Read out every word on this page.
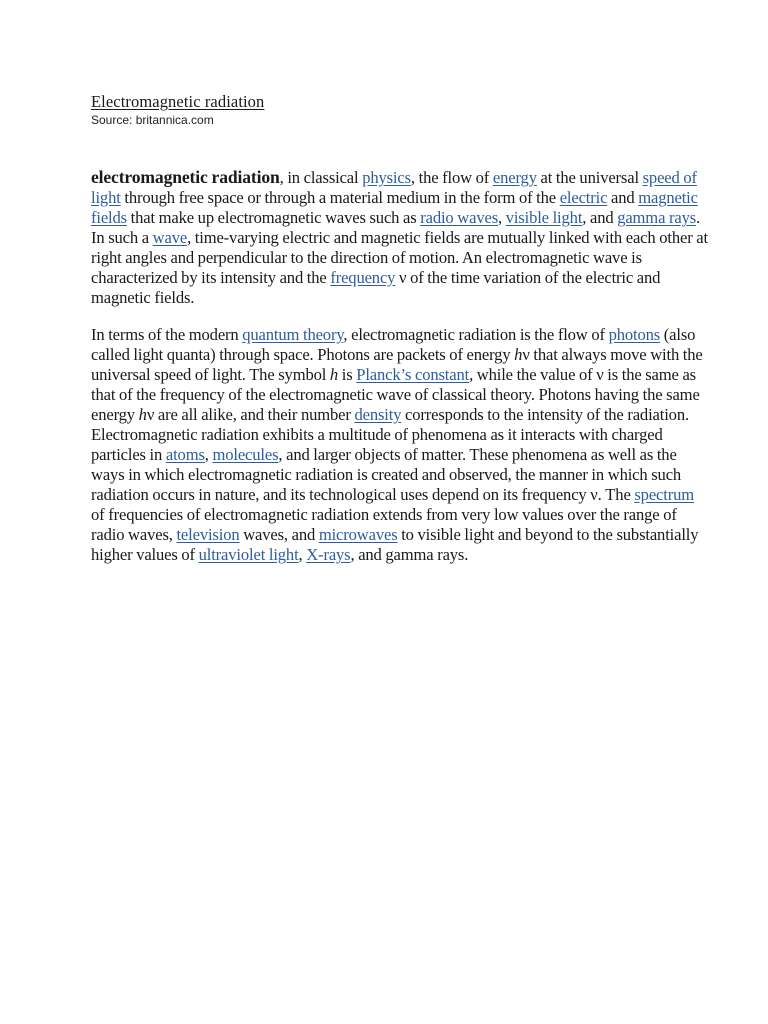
Electromagnetic radiation
Source: britannica.com

electromagnetic radiation, in classical physics, the flow of energy at the universal speed of light through free space or through a material medium in the form of the electric and magnetic fields that make up electromagnetic waves such as radio waves, visible light, and gamma rays. In such a wave, time-varying electric and magnetic fields are mutually linked with each other at right angles and perpendicular to the direction of motion. An electromagnetic wave is characterized by its intensity and the frequency ν of the time variation of the electric and magnetic fields.

In terms of the modern quantum theory, electromagnetic radiation is the flow of photons (also called light quanta) through space. Photons are packets of energy hν that always move with the universal speed of light. The symbol h is Planck’s constant, while the value of ν is the same as that of the frequency of the electromagnetic wave of classical theory. Photons having the same energy hν are all alike, and their number density corresponds to the intensity of the radiation. Electromagnetic radiation exhibits a multitude of phenomena as it interacts with charged particles in atoms, molecules, and larger objects of matter. These phenomena as well as the ways in which electromagnetic radiation is created and observed, the manner in which such radiation occurs in nature, and its technological uses depend on its frequency ν. The spectrum of frequencies of electromagnetic radiation extends from very low values over the range of radio waves, television waves, and microwaves to visible light and beyond to the substantially higher values of ultraviolet light, X-rays, and gamma rays.
